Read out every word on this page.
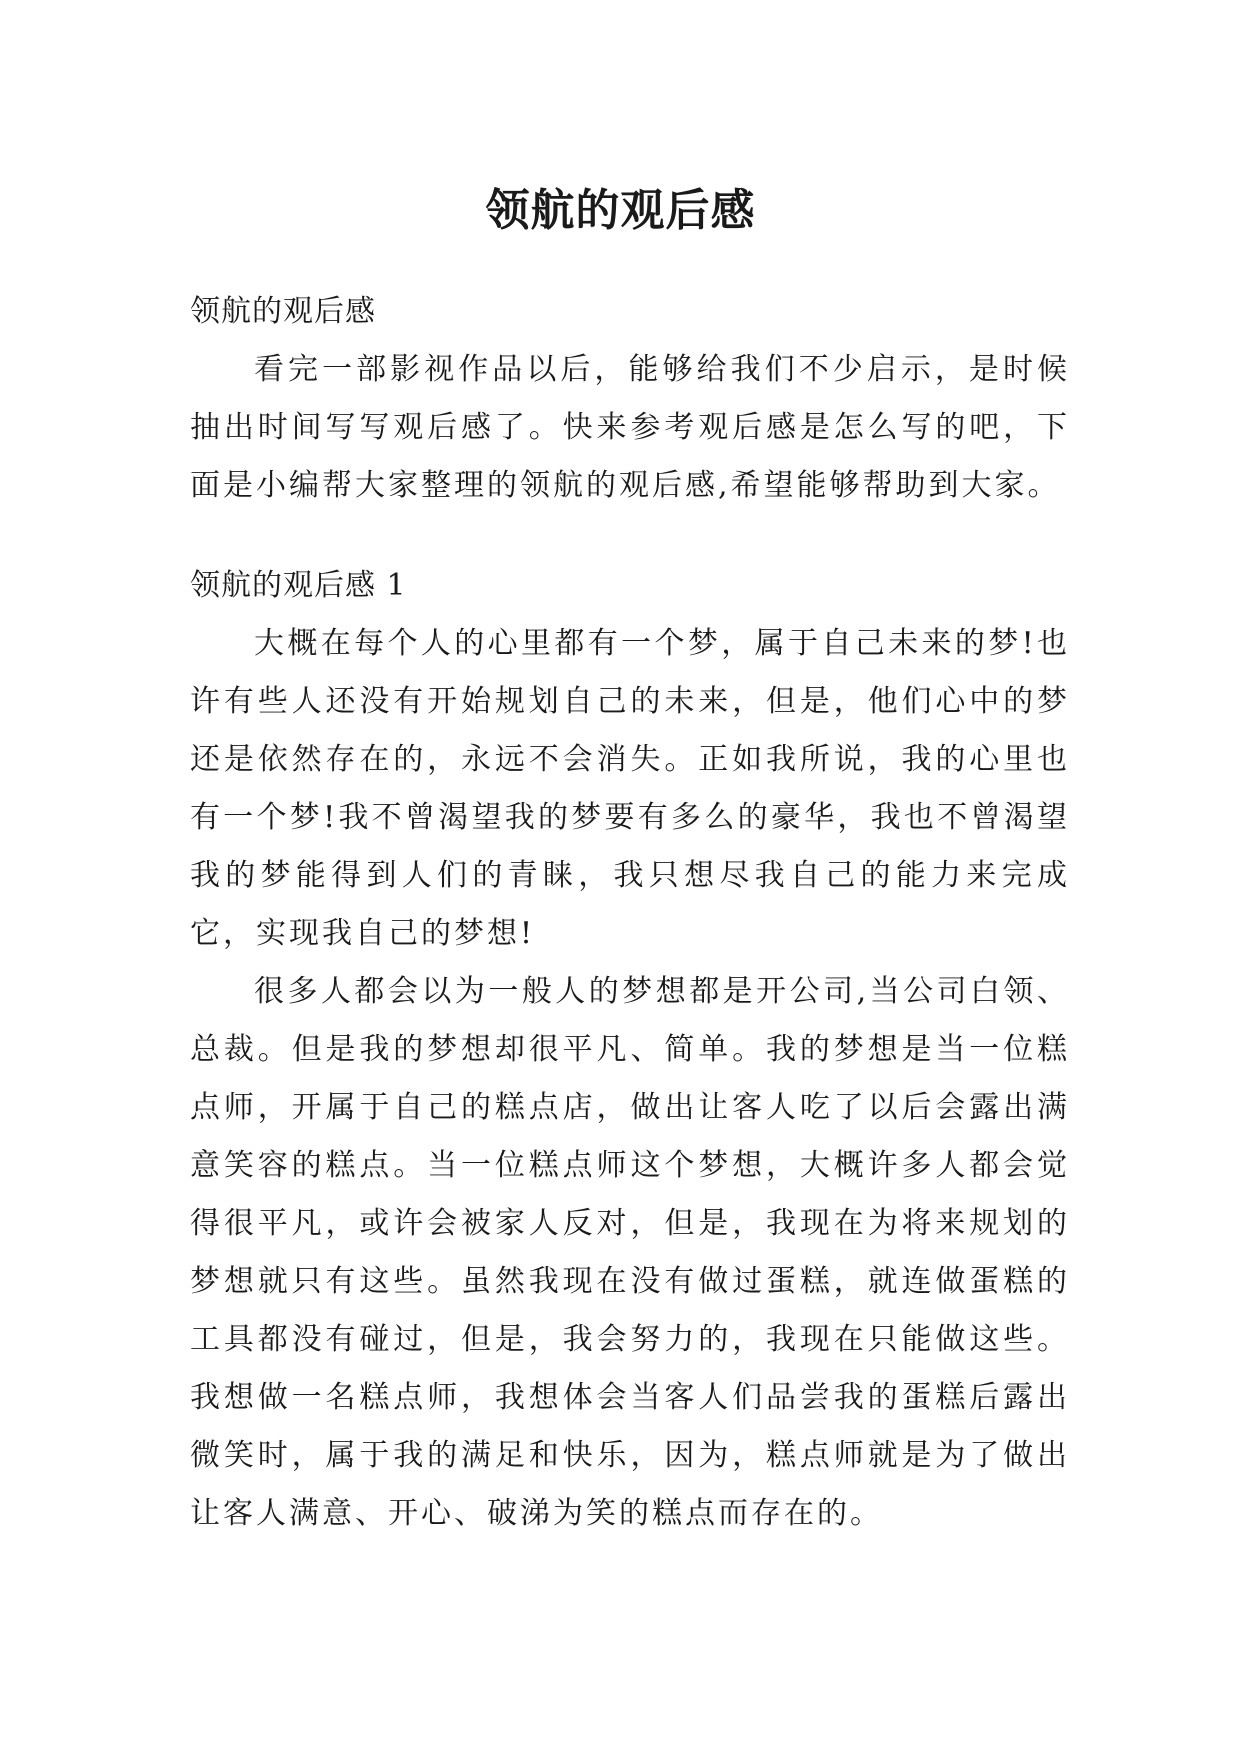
领航的观后感

领航的观后感

看完一部影视作品以后，能够给我们不少启示，是时候抽出时间写写观后感了。快来参考观后感是怎么写的吧，下面是小编帮大家整理的领航的观后感,希望能够帮助到大家。

领航的观后感 1

大概在每个人的心里都有一个梦，属于自己未来的梦!也许有些人还没有开始规划自己的未来，但是，他们心中的梦还是依然存在的，永远不会消失。正如我所说，我的心里也有一个梦!我不曾渴望我的梦要有多么的豪华，我也不曾渴望我的梦能得到人们的青睐，我只想尽我自己的能力来完成它，实现我自己的梦想!

很多人都会以为一般人的梦想都是开公司,当公司白领、总裁。但是我的梦想却很平凡、简单。我的梦想是当一位糕点师，开属于自己的糕点店，做出让客人吃了以后会露出满意笑容的糕点。当一位糕点师这个梦想，大概许多人都会觉得很平凡，或许会被家人反对，但是，我现在为将来规划的梦想就只有这些。虽然我现在没有做过蛋糕，就连做蛋糕的工具都没有碰过，但是，我会努力的，我现在只能做这些。我想做一名糕点师，我想体会当客人们品尝我的蛋糕后露出微笑时，属于我的满足和快乐，因为，糕点师就是为了做出让客人满意、开心、破涕为笑的糕点而存在的。
